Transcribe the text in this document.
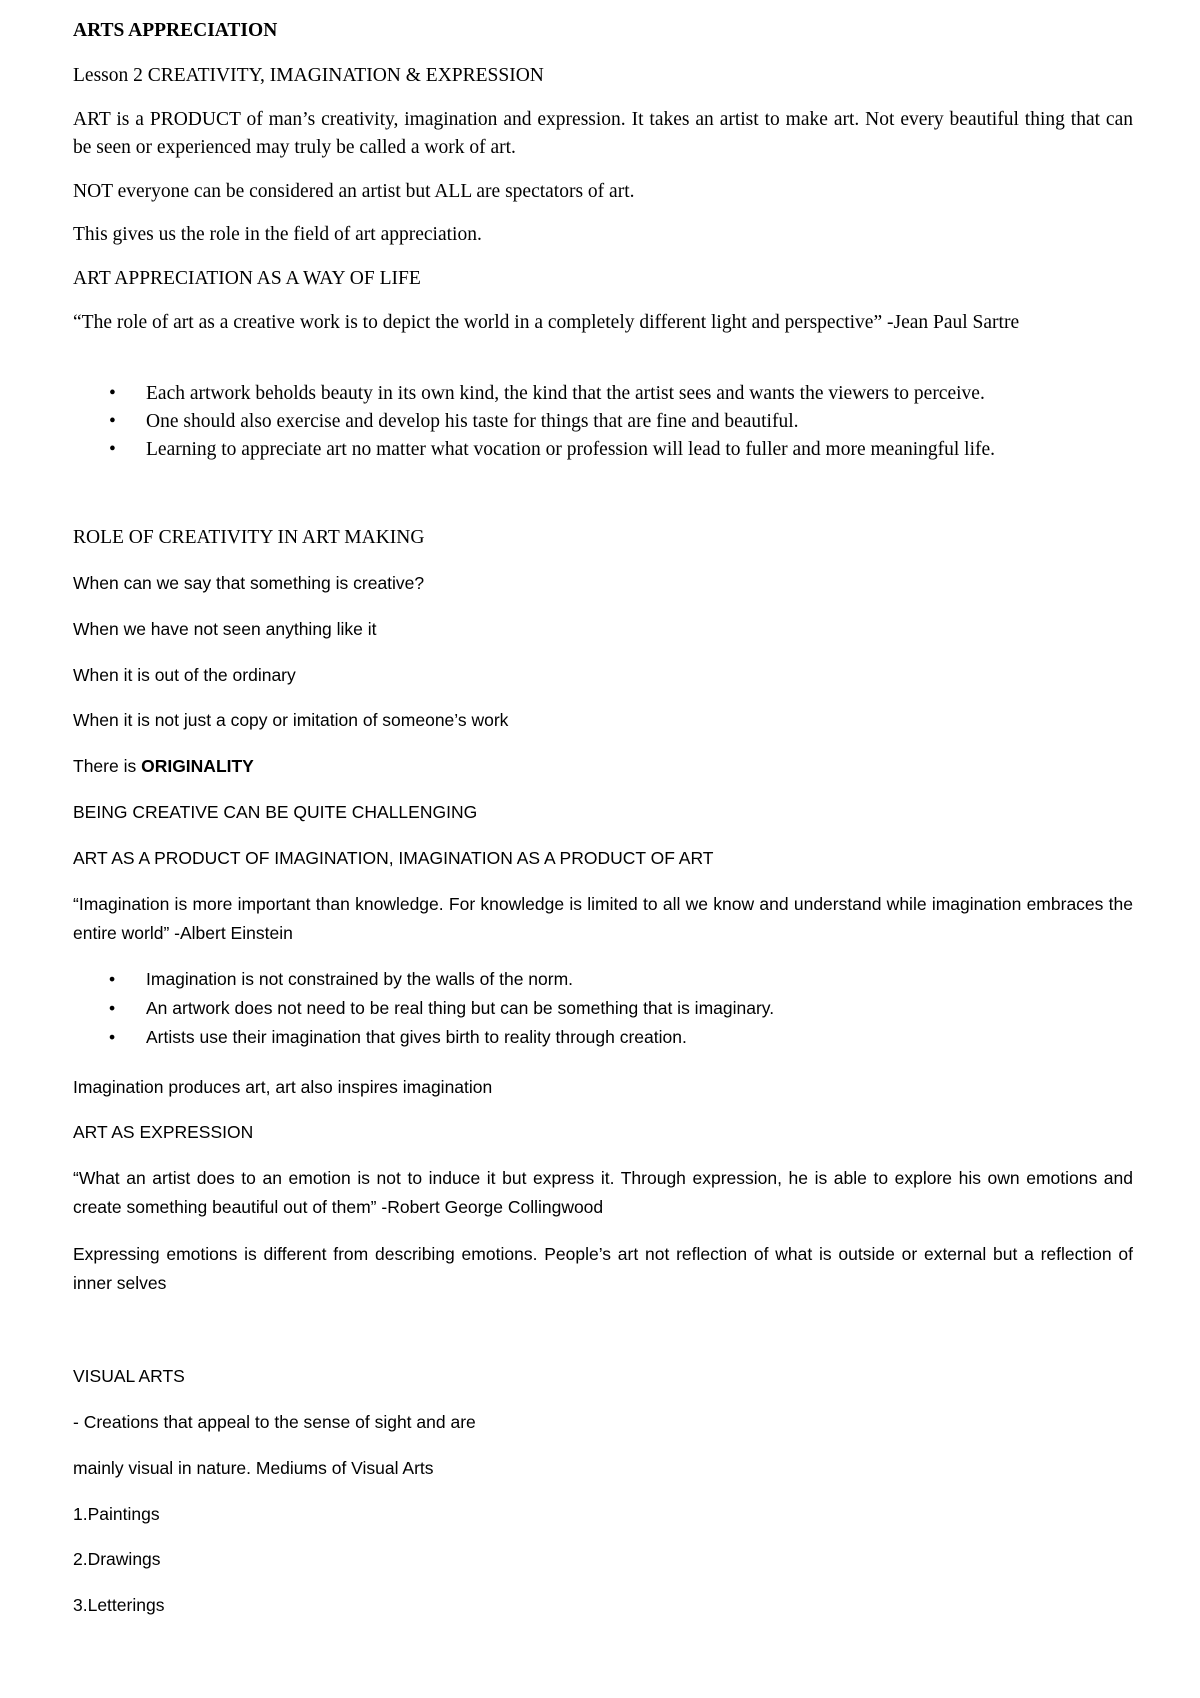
ARTS APPRECIATION

Lesson 2 CREATIVITY, IMAGINATION & EXPRESSION

ART is a PRODUCT of man’s creativity, imagination and expression. It takes an artist to make art. Not every beautiful thing that can be seen or experienced may truly be called a work of art.

NOT everyone can be considered an artist but ALL are spectators of art.

This gives us the role in the field of art appreciation.

ART APPRECIATION AS A WAY OF LIFE

“The role of art as a creative work is to depict the world in a completely different light and perspective” -Jean Paul Sartre

• Each artwork beholds beauty in its own kind, the kind that the artist sees and wants the viewers to perceive.
• One should also exercise and develop his taste for things that are fine and beautiful.
• Learning to appreciate art no matter what vocation or profession will lead to fuller and more meaningful life.

ROLE OF CREATIVITY IN ART MAKING

When can we say that something is creative?

When we have not seen anything like it

When it is out of the ordinary

When it is not just a copy or imitation of someone’s work

There is ORIGINALITY

BEING CREATIVE CAN BE QUITE CHALLENGING

ART AS A PRODUCT OF IMAGINATION, IMAGINATION AS A PRODUCT OF ART

“Imagination is more important than knowledge. For knowledge is limited to all we know and understand while imagination embraces the entire world” -Albert Einstein

• Imagination is not constrained by the walls of the norm.
• An artwork does not need to be real thing but can be something that is imaginary.
• Artists use their imagination that gives birth to reality through creation.

Imagination produces art, art also inspires imagination

ART AS EXPRESSION

“What an artist does to an emotion is not to induce it but express it. Through expression, he is able to explore his own emotions and create something beautiful out of them” -Robert George Collingwood

Expressing emotions is different from describing emotions. People’s art not reflection of what is outside or external but a reflection of inner selves

VISUAL ARTS

- Creations that appeal to the sense of sight and are

mainly visual in nature. Mediums of Visual Arts

1.Paintings

2.Drawings

3.Letterings
